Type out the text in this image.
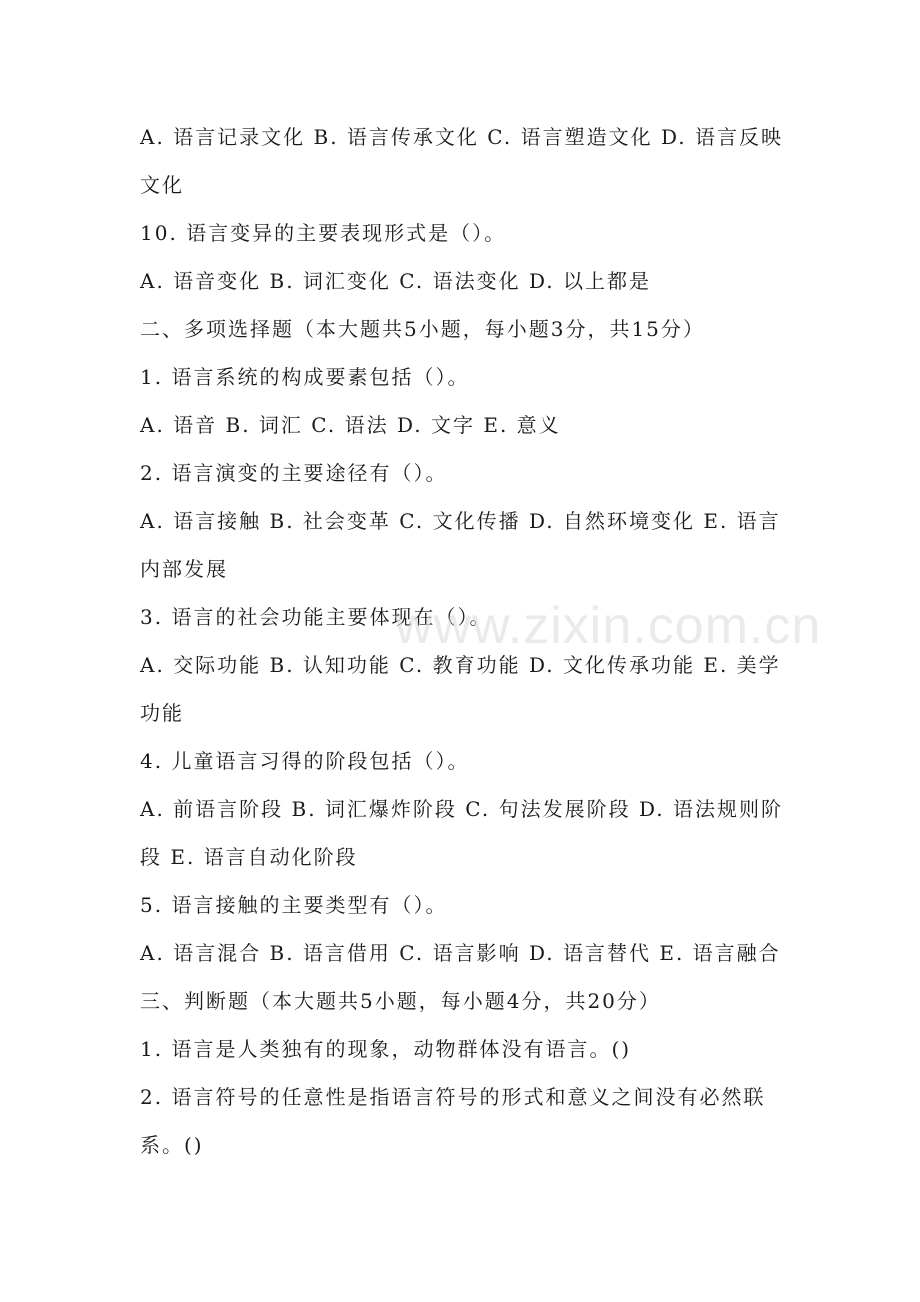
A. 语言记录文化 B. 语言传承文化 C. 语言塑造文化 D. 语言反映
文化
10. 语言变异的主要表现形式是（）。
A. 语音变化 B. 词汇变化 C. 语法变化 D. 以上都是
二、多项选择题（本大题共5小题，每小题3分，共15分）
1. 语言系统的构成要素包括（）。
A. 语音 B. 词汇 C. 语法 D. 文字 E. 意义
2. 语言演变的主要途径有（）。
A. 语言接触 B. 社会变革 C. 文化传播 D. 自然环境变化 E. 语言
内部发展
3. 语言的社会功能主要体现在（）。
A. 交际功能 B. 认知功能 C. 教育功能 D. 文化传承功能 E. 美学
功能
4. 儿童语言习得的阶段包括（）。
A. 前语言阶段 B. 词汇爆炸阶段 C. 句法发展阶段 D. 语法规则阶
段 E. 语言自动化阶段
5. 语言接触的主要类型有（）。
A. 语言混合 B. 语言借用 C. 语言影响 D. 语言替代 E. 语言融合
三、判断题（本大题共5小题，每小题4分，共20分）
1. 语言是人类独有的现象，动物群体没有语言。()
2. 语言符号的任意性是指语言符号的形式和意义之间没有必然联
系。()
www.zixin.com.cn
